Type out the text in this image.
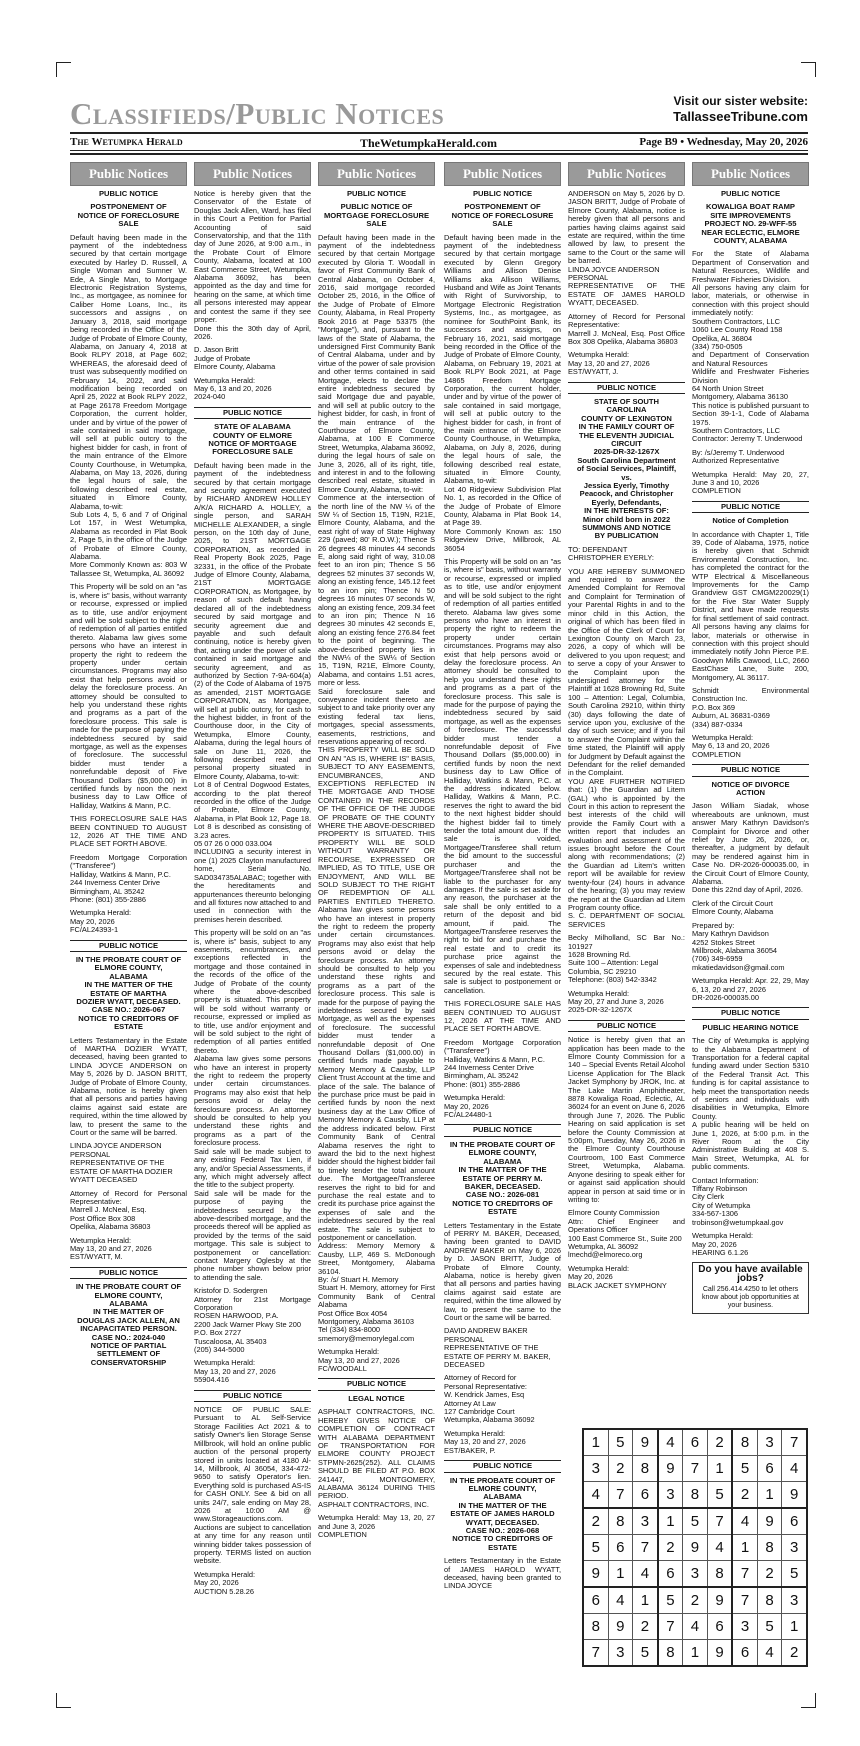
Classifieds/Public Notices	Visit our sister website:
TallasseeTribune.com
The Wetumpka Herald	TheWetumpkaHerald.com	Page B9 • Wednesday, May 20, 2026
Public Notices
PUBLIC NOTICE
POSTPONEMENT OF
NOTICE OF FORECLOSURE
SALE

Default having been made in the payment of the indebtedness secured by that certain mortgage executed by Harley D. Russell, A Single Woman and Sumner W. Ede, A Single Man, to Mortgage Electronic Registration Systems, Inc., as mortgagee, as nominee for Caliber Home Loans, Inc., its successors and assigns , on January 3, 2018, said mortgage being recorded in the Office of the Judge of Probate of Elmore County, Alabama, on January 4, 2018 at Book RLPY 2018, at Page 602; WHEREAS, the aforesaid deed of trust was subsequently modified on February 14, 2022, and said modification being recorded on April 25, 2022 at Book RLPY 2022, at Page 26178 Freedom Mortgage Corporation, the current holder, under and by virtue of the power of sale contained in said mortgage, will sell at public outcry to the highest bidder for cash, in front of the main entrance of the Elmore County Courthouse, in Wetumpka, Alabama, on May 13, 2026, during the legal hours of sale, the following described real estate, situated in Elmore County, Alabama, to-wit:
Sub Lots 4, 5, 6 and 7 of Original Lot 157, in West Wetumpka, Alabama as recorded in Plat Book 2, Page 5, in the office of the Judge of Probate of Elmore County, Alabama.
More Commonly Known as: 803 W Tallassee St, Wetumpka, AL 36092

This Property will be sold on an "as is, where is" basis, without warranty or recourse, expressed or implied as to title, use and/or enjoyment and will be sold subject to the right of redemption of all parties entitled thereto. Alabama law gives some persons who have an interest in property the right to redeem the property under certain circumstances. Programs may also exist that help persons avoid or delay the foreclosure process. An attorney should be consulted to help you understand these rights and programs as a part of the foreclosure process. This sale is made for the purpose of paying the indebtedness secured by said mortgage, as well as the expenses of foreclosure. The successful bidder must tender a nonrefundable deposit of Five Thousand Dollars ($5,000.00) in certified funds by noon the next business day to Law Office of Halliday, Watkins & Mann, P.C.

THIS FORECLOSURE SALE HAS BEEN CONTINUED TO AUGUST 12, 2026 AT THE TIME AND PLACE SET FORTH ABOVE.

Freedom Mortgage Corporation ("Transferee")
Halliday, Watkins & Mann, P.C.
244 Inverness Center Drive
Birmingham, AL 35242
Phone: (801) 355-2886

Wetumpka Herald:
May 20, 2026
FC/AL24393-1

PUBLIC NOTICE
IN THE PROBATE COURT OF
ELMORE COUNTY,
ALABAMA
IN THE MATTER OF THE
ESTATE OF MARTHA
DOZIER WYATT, DECEASED.
CASE NO.: 2026-067
NOTICE TO CREDITORS OF
ESTATE

Letters Testamentary in the Estate of MARTHA DOZIER WYATT, deceased, having been granted to LINDA JOYCE ANDERSON on May 5, 2026 by D. JASON BRITT, Judge of Probate of Elmore County, Alabama, notice is hereby given that all persons and parties having claims against said estate are required, within the time allowed by law, to present the same to the Court or the same will be barred.

LINDA JOYCE ANDERSON
PERSONAL
REPRESENTATIVE OF THE
ESTATE OF MARTHA DOZIER
WYATT DECEASED

Attorney of Record for Personal Representative:
Marrell J. McNeal, Esq.
Post Office Box 308
Opelika, Alabama 36803

Wetumpka Herald:
May 13, 20 and 27, 2026
EST/WYATT, M.

PUBLIC NOTICE
IN THE PROBATE COURT OF
ELMORE COUNTY,
ALABAMA
IN THE MATTER OF
DOUGLAS JACK ALLEN, AN
INCAPACITATED PERSON.
CASE NO.: 2024-040
NOTICE OF PARTIAL
SETTLEMENT OF
CONSERVATORSHIP
Public Notices

Notice is hereby given that the Conservator of the Estate of Douglas Jack Allen, Ward, has filed in this Court a Petition for Partial Accounting of said Conservatorship, and that the 11th day of June 2026, at 9:00 a.m., in the Probate Court of Elmore County, Alabama, located at 100 East Commerce Street, Wetumpka, Alabama 36092, has been appointed as the day and time for hearing on the same, at which time all persons interested may appear and contest the same if they see proper.
Done this the 30th day of April, 2026.

D. Jason Britt
Judge of Probate
Elmore County, Alabama

Wetumpka Herald:
May 6, 13 and 20, 2026
2024-040

PUBLIC NOTICE
STATE OF ALABAMA
COUNTY OF ELMORE
NOTICE OF MORTGAGE
FORECLOSURE SALE

Default having been made in the payment of the indebtedness secured by that certain mortgage and security agreement executed by RICHARD ANDREW HOLLEY A/K/A RICHARD A. HOLLEY, a single person, and SARAH MICHELLE ALEXANDER, a single person, on the 10th day of June, 2025, to 21ST MORTGAGE CORPORATION, as recorded in Real Property Book 2025, Page 32331, in the office of the Probate Judge of Elmore County, Alabama, 21ST MORTGAGE CORPORATION, as Mortgagee, by reason of such default having declared all of the indebtedness secured by said mortgage and security agreement due and payable and such default continuing, notice is hereby given that, acting under the power of sale contained in said mortgage and security agreement, and as authorized by Section 7-9A-604(a)(2) of the Code of Alabama of 1975 as amended, 21ST MORTGAGE CORPORATION, as Mortgagee, will sell at public outcry, for cash to the highest bidder, in front of the Courthouse door, in the City of Wetumpka, Elmore County, Alabama, during the legal hours of sale on June 11, 2026, the following described real and personal property situated in Elmore County, Alabama, to-wit:
Lot 8 of Central Dogwood Estates, according to the plat thereof recorded in the office of the Judge of Probate, Elmore County, Alabama, in Plat Book 12, Page 18. Lot 8 is described as consisting of 3.23 acres.
05 07 26 0 000 033.004
INCLUDING a security interest in one (1) 2025 Clayton manufactured home, Serial No. SAD034735ALABAC; together with the hereditaments and appurtenances thereunto belonging and all fixtures now attached to and used in connection with the premises herein described.

This property will be sold on an "as is, where is" basis, subject to any easements, encumbrances, and exceptions reflected in the mortgage and those contained in the records of the office of the Judge of Probate of the county where the above-described property is situated. This property will be sold without warranty or recourse, expressed or implied as to title, use and/or enjoyment and will be sold subject to the right of redemption of all parties entitled thereto.
Alabama law gives some persons who have an interest in property the right to redeem the property under certain circumstances. Programs may also exist that help persons avoid or delay the foreclosure process. An attorney should be consulted to help you understand these rights and programs as a part of the foreclosure process.
Said sale will be made subject to any existing Federal Tax Lien, if any, and/or Special Assessments, if any, which might adversely affect the title to the subject property.
Said sale will be made for the purpose of paying the indebtedness secured by the above-described mortgage, and the proceeds thereof will be applied as provided by the terms of the said mortgage. This sale is subject to postponement or cancellation: contact Margery Oglesby at the phone number shown below prior to attending the sale.

Kristofor D. Sodergren
Attorney for 21st Mortgage Corporation
ROSEN HARWOOD, P.A.
2200 Jack Warner Pkwy Ste 200
P.O. Box 2727
Tuscaloosa, AL 35403
(205) 344-5000

Wetumpka Herald:
May 13, 20 and 27, 2026
55904.416

PUBLIC NOTICE

NOTICE OF PUBLIC SALE: Pursuant to AL Self-Service Storage Facilities Act 2021 & to satisfy Owner's lien Storage Sense Millbrook, will hold an online public auction of the personal property stored in units located at 4180 Al-14, Millbrook, Al 36054, 334-472-9650 to satisfy Operator's lien. Everything sold is purchased AS-IS for CASH ONLY. See & bid on all units 24/7, sale ending on May 28, 2026 at 10:00 AM @ www.Storageauctions.com. Auctions are subject to cancellation at any time for any reason until winning bidder takes possession of property. TERMS listed on auction website.

Wetumpka Herald:
May 20, 2026
AUCTION 5.28.26

Public Notices
PUBLIC NOTICE
PUBLIC NOTICE OF
MORTGAGE FORECLOSURE
SALE

Default having been made in the payment of the indebtedness secured by that certain Mortgage executed by Gloria T. Woodall in favor of First Community Bank of Central Alabama, on October 4, 2016, said mortgage recorded October 25, 2016, in the Office of the Judge of Probate of Elmore County, Alabama, in Real Property Book 2016 at Page 53375 (the "Mortgage"), and, pursuant to the laws of the State of Alabama, the undersigned First Community Bank of Central Alabama, under and by virtue of the power of sale provision and other terms contained in said Mortgage, elects to declare the entire indebtedness secured by said Mortgage due and payable, and will sell at public outcry to the highest bidder, for cash, in front of the main entrance of the Courthouse of Elmore County, Alabama, at 100 E Commerce Street, Wetumpka, Alabama 36092, during the legal hours of sale on June 3, 2026, all of its right, title, and interest in and to the following described real estate, situated in Elmore County, Alabama, to-wit:
Commence at the intersection of the north line of the NW ¼ of the SW ¼ of Section 15, T19N, R21E, Elmore County, Alabama, and the east right of way of State Highway 229 (paved; 80' R.O.W.); Thence S 26 degrees 48 minutes 44 seconds E, along said right of way, 310.08 feet to an iron pin; Thence S 56 degrees 52 minutes 37 seconds W, along an existing fence, 145.12 feet to an iron pin; Thence N 50 degrees 16 minutes 07 seconds W, along an existing fence, 209.34 feet to an iron pin; Thence N 16 degrees 30 minutes 42 seconds E, along an existing fence 276.84 feet to the point of beginning. The above-described property lies in the NW¼ of the SW¼ of Section 15, T19N, R21E, Elmore County, Alabama, and contains 1.51 acres, more or less.
Said foreclosure sale and conveyance incident thereto are subject to and take priority over any existing federal tax liens, mortgages, special assessments, easements, restrictions, and reservations appearing of record.
THIS PROPERTY WILL BE SOLD ON AN "AS IS, WHERE IS" BASIS, SUBJECT TO ANY EASEMENTS, ENCUMBRANCES, AND EXCEPTIONS REFLECTED IN THE MORTGAGE AND THOSE CONTAINED IN THE RECORDS OF THE OFFICE OF THE JUDGE OF PROBATE OF THE COUNTY WHERE THE ABOVE-DESCRIBED PROPERTY IS SITUATED. THIS PROPERTY WILL BE SOLD WITHOUT WARRANTY OR RECOURSE, EXPRESSED OR IMPLIED, AS TO TITLE, USE OR ENJOYMENT, AND WILL BE SOLD SUBJECT TO THE RIGHT OF REDEMPTION OF ALL PARTIES ENTITLED THERETO. Alabama law gives some persons who have an interest in property the right to redeem the property under certain circumstances. Programs may also exist that help persons avoid or delay the foreclosure process. An attorney should be consulted to help you understand these rights and programs as a part of the foreclosure process. This sale is made for the purpose of paying the indebtedness secured by said Mortgage, as well as the expenses of foreclosure. The successful bidder must tender a nonrefundable deposit of One Thousand Dollars ($1,000.00) in certified funds made payable to Memory Memory & Causby, LLP Client Trust Account at the time and place of the sale. The balance of the purchase price must be paid in certified funds by noon the next business day at the Law Office of Memory Memory & Causby, LLP at the address indicated below. First Community Bank of Central Alabama reserves the right to award the bid to the next highest bidder should the highest bidder fail to timely tender the total amount due. The Mortgagee/Transferee reserves the right to bid for and purchase the real estate and to credit its purchase price against the expenses of sale and the indebtedness secured by the real estate. The sale is subject to postponement or cancellation.
Address: Memory Memory & Causby, LLP, 469 S. McDonough Street, Montgomery, Alabama 36104.
By: /s/ Stuart H. Memory
Stuart H. Memory, attorney for First Community Bank of Central Alabama
Post Office Box 4054
Montgomery, Alabama 36103
Tel (334) 834-8000
smemory@memorylegal.com

Wetumpka Herald:
May 13, 20 and 27, 2026
FC/WOODALL

PUBLIC NOTICE
LEGAL NOTICE

ASPHALT CONTRACTORS, INC. HEREBY GIVES NOTICE OF COMPLETION OF CONTRACT WITH ALABAMA DEPARTMENT OF TRANSPORTATION FOR ELMORE COUNTY PROJECT STPMN-2625(252). ALL CLAIMS SHOULD BE FILED AT P.O. BOX 241447, MONTGOMERY, ALABAMA 36124 DURING THIS PERIOD.
ASPHALT CONTRACTORS, INC.

Wetumpka Herald: May 13, 20, 27 and June 3, 2026
COMPLETION

Public Notices
PUBLIC NOTICE
POSTPONEMENT OF
NOTICE OF FORECLOSURE
SALE

Default having been made in the payment of the indebtedness secured by that certain mortgage executed by Glenn Gregory Williams and Allison Denise Williams aka Allison Williams, Husband and Wife as Joint Tenants with Right of Survivorship, to Mortgage Electronic Registration Systems, Inc., as mortgagee, as nominee for SouthPoint Bank, its successors and assigns, on February 16, 2021, said mortgage being recorded in the Office of the Judge of Probate of Elmore County, Alabama, on February 19, 2021 at Book RLPY Book 2021, at Page 14865 Freedom Mortgage Corporation, the current holder, under and by virtue of the power of sale contained in said mortgage, will sell at public outcry to the highest bidder for cash, in front of the main entrance of the Elmore County Courthouse, in Wetumpka, Alabama, on July 8, 2026, during the legal hours of sale, the following described real estate, situated in Elmore County, Alabama, to-wit:
Lot 40 Ridgeview Subdivision Plat No. 1, as recorded in the Office of the Judge of Probate of Elmore County, Alabama in Plat Book 14, at Page 39.
More Commonly Known as: 150 Ridgeview Drive, Millbrook, AL 36054

This Property will be sold on an "as is, where is" basis, without warranty or recourse, expressed or implied as to title, use and/or enjoyment and will be sold subject to the right of redemption of all parties entitled thereto. Alabama law gives some persons who have an interest in property the right to redeem the property under certain circumstances. Programs may also exist that help persons avoid or delay the foreclosure process. An attorney should be consulted to help you understand these rights and programs as a part of the foreclosure process. This sale is made for the purpose of paying the indebtedness secured by said mortgage, as well as the expenses of foreclosure. The successful bidder must tender a nonrefundable deposit of Five Thousand Dollars ($5,000.00) in certified funds by noon the next business day to Law Office of Halliday, Watkins & Mann, P.C. at the address indicated below. Halliday, Watkins & Mann, P.C. reserves the right to award the bid to the next highest bidder should the highest bidder fail to timely tender the total amount due. If the sale is voided, Mortgagee/Transferee shall return the bid amount to the successful purchaser and the Mortgagee/Transferee shall not be liable to the purchaser for any damages. If the sale is set aside for any reason, the purchaser at the sale shall be only entitled to a return of the deposit and bid amount, if paid. The Mortgagee/Transferee reserves the right to bid for and purchase the real estate and to credit its purchase price against the expenses of sale and indebtedness secured by the real estate. This sale is subject to postponement or cancellation.

THIS FORECLOSURE SALE HAS BEEN CONTINUED TO AUGUST 12, 2026 AT THE TIME AND PLACE SET FORTH ABOVE.

Freedom Mortgage Corporation ("Transferee")
Halliday, Watkins & Mann, P.C.
244 Inverness Center Drive
Birmingham, AL 35242
Phone: (801) 355-2886

Wetumpka Herald:
May 20, 2026
FC/AL24480-1

PUBLIC NOTICE
IN THE PROBATE COURT OF
ELMORE COUNTY,
ALABAMA
IN THE MATTER OF THE
ESTATE OF PERRY M.
BAKER, DECEASED.
CASE NO.: 2026-081
NOTICE TO CREDITORS OF
ESTATE

Letters Testamentary in the Estate of PERRY M. BAKER, Deceased, having been granted to DAVID ANDREW BAKER on May 6, 2026 by D. JASON BRITT, Judge of Probate of Elmore County, Alabama, notice is hereby given that all persons and parties having claims against said estate are required, within the time allowed by law, to present the same to the Court or the same will be barred.

DAVID ANDREW BAKER
PERSONAL
REPRESENTATIVE OF THE
ESTATE OF PERRY M. BAKER,
DECEASED

Attorney of Record for
Personal Representative:
W. Kendrick James, Esq
Attorney At Law
127 Cambridge Court
Wetumpka, Alabama 36092

Wetumpka Herald:
May 13, 20 and 27, 2026
EST/BAKER, P.

PUBLIC NOTICE
IN THE PROBATE COURT OF
ELMORE COUNTY,
ALABAMA
IN THE MATTER OF THE
ESTATE OF JAMES HAROLD
WYATT, DECEASED.
CASE NO.: 2026-068
NOTICE TO CREDITORS OF
ESTATE

Letters Testamentary in the Estate of JAMES HAROLD WYATT, deceased, having been granted to LINDA JOYCE

Public Notices

ANDERSON on May 5, 2026 by D. JASON BRITT, Judge of Probate of Elmore County, Alabama, notice is hereby given that all persons and parties having claims against said estate are required, within the time allowed by law, to present the same to the Court or the same will be barred.
LINDA JOYCE ANDERSON
PERSONAL
REPRESENTATIVE OF THE ESTATE OF JAMES HAROLD WYATT, DECEASED.

Attorney of Record for Personal Representative:
Marrell J. McNeal, Esq. Post Office Box 308 Opelika, Alabama 36803

Wetumpka Herald:
May 13, 20 and 27, 2026
EST/WYATT, J.

PUBLIC NOTICE
STATE OF SOUTH
CAROLINA
COUNTY OF LEXINGTON
IN THE FAMILY COURT OF
THE ELEVENTH JUDICIAL
CIRCUIT
2025-DR-32-1267X
South Carolina Department
of Social Services, Plaintiff,
vs.
Jessica Eyerly, Timothy
Peacock, and Christopher
Eyerly, Defendants,
IN THE INTERESTS OF:
Minor child born in 2022
SUMMONS AND NOTICE
BY PUBLICATION

TO: DEFENDANT
CHRISTOPHER EYERLY:

YOU ARE HEREBY SUMMONED and required to answer the Amended Complaint for Removal and Complaint for Termination of your Parental Rights in and to the minor child in this Action, the original of which has been filed in the Office of the Clerk of Court for Lexington County on March 23, 2026, a copy of which will be delivered to you upon request; and to serve a copy of your Answer to the Complaint upon the undersigned attorney for the Plaintiff at 1628 Browning Rd, Suite 100 – Attention: Legal, Columbia, South Carolina 29210, within thirty (30) days following the date of service upon you, exclusive of the day of such service; and if you fail to answer the Complaint within the time stated, the Plaintiff will apply for Judgment by Default against the Defendant for the relief demanded in the Complaint.
YOU ARE FURTHER NOTIFIED that: (1) the Guardian ad Litem (GAL) who is appointed by the Court in this action to represent the best interests of the child will provide the Family Court with a written report that includes an evaluation and assessment of the issues brought before the Court along with recommendations; (2) the Guardian ad Litem's written report will be available for review twenty-four (24) hours in advance of the hearing; (3) you may review the report at the Guardian ad Litem Program county office.
S. C. DEPARTMENT OF SOCIAL SERVICES

Becky Milholland, SC Bar No.: 101927
1628 Browning Rd.
Suite 100 – Attention: Legal
Columbia, SC 29210
Telephone: (803) 542-3342

Wetumpka Herald:
May 20, 27 and June 3, 2026
2025-DR-32-1267X

PUBLIC NOTICE

Notice is hereby given that an application has been made to the Elmore County Commission for a 140 – Special Events Retail Alcohol License Application for The Black Jacket Symphony by JROK, Inc. at The Lake Martin Amphitheater, 8878 Kowaliga Road, Eclectic, AL 36024 for an event on June 6, 2026 through June 7, 2026. The Public Hearing on said application is set before the County Commission at 5:00pm, Tuesday, May 26, 2026 in the Elmore County Courthouse Courtroom, 100 East Commerce Street, Wetumpka, Alabama. Anyone desiring to speak either for or against said application should appear in person at said time or in writing to:

Elmore County Commission
Attn: Chief Engineer and Operations Officer
100 East Commerce St., Suite 200
Wetumpka, AL 36092
lmechd@elmoreco.org

Wetumpka Herald:
May 20, 2026
BLACK JACKET SYMPHONY

Public Notices
PUBLIC NOTICE
KOWALIGA BOAT RAMP
SITE IMPROVEMENTS
PROJECT NO. 29-WFF-55
NEAR ECLECTIC, ELMORE
COUNTY, ALABAMA

For the State of Alabama Department of Conservation and Natural Resources, Wildlife and Freshwater Fisheries Division.
All persons having any claim for labor, materials, or otherwise in connection with this project should immediately notify:
Southern Contractors, LLC
1060 Lee County Road 158
Opelika, AL 36804
(334) 750-0505
and Department of Conservation and Natural Resources
Wildlife and Freshwater Fisheries Division
64 North Union Street
Montgomery, Alabama 36130
This notice is published pursuant to Section 39-1-1, Code of Alabama 1975.
Southern Contractors, LLC
Contractor: Jeremy T. Underwood

By: /s/Jeremy T. Underwood
Authorized Representative

Wetumpka Herald: May 20, 27, June 3 and 10, 2026
COMPLETION

PUBLIC NOTICE
Notice of Completion

In accordance with Chapter 1, Title 39, Code of Alabama, 1975, notice is hereby given that Schmidt Environmental Construction, Inc. has completed the contract for the WTP Electrical & Miscellaneous Improvements for the Camp Grandview GST CMGM220029(1) for the Five Star Water Supply District, and have made requests for final settlement of said contract. All persons having any claims for labor, materials or otherwise in connection with this project should immediately notify John Pierce P.E. Goodwyn Mills Cawood, LLC, 2660 EastChase Lane, Suite 200, Montgomery, AL 36117.

Schmidt Environmental Construction Inc.
P.O. Box 369
Auburn, AL 36831-0369
(334) 887-0334

Wetumpka Herald:
May 6, 13 and 20, 2026
COMPLETION

PUBLIC NOTICE
NOTICE OF DIVORCE
ACTION

Jason William Siadak, whose whereabouts are unknown, must answer Mary Kathryn Davidson's Complaint for Divorce and other relief by June 26, 2026, or, thereafter, a judgment by default may be rendered against him in Case No. DR-2026-000035.00, in the Circuit Court of Elmore County, Alabama.
Done this 22nd day of April, 2026.

Clerk of the Circuit Court
Elmore County, Alabama

Prepared by:
Mary Kathryn Davidson
4252 Stokes Street
Millbrook, Alabama 36054
(706) 349-6959
mkatiedavidson@gmail.com

Wetumpka Herald: Apr. 22, 29, May 6, 13, 20 and 27, 2026
DR-2026-000035.00

PUBLIC NOTICE
PUBLIC HEARING NOTICE

The City of Wetumpka is applying to the Alabama Department of Transportation for a federal capital funding award under Section 5310 of the Federal Transit Act. This funding is for capital assistance to help meet the transportation needs of seniors and individuals with disabilities in Wetumpka, Elmore County.
A public hearing will be held on June 1, 2026, at 5:00 p.m. in the River Room at the City Administrative Building at 408 S. Main Street, Wetumpka, AL for public comments.

Contact Information:
Tiffany Robinson
City Clerk
City of Wetumpka
334-567-1306
trobinson@wetumpkaal.gov

Wetumpka Herald:
May 20, 2026
HEARING 6.1.26

Do you have available jobs?
Call 256.414.4250 to let others know about job opportunities at your business.
1	5	9	4	6	2	8	3	7
3	2	8	9	7	1	5	6	4
4	7	6	3	8	5	2	1	9
2	8	3	1	5	7	4	9	6
5	6	7	2	9	4	1	8	3
9	1	4	6	3	8	7	2	5
6	4	1	5	2	9	7	8	3
8	9	2	7	4	6	3	5	1
7	3	5	8	1	9	6	4	2
